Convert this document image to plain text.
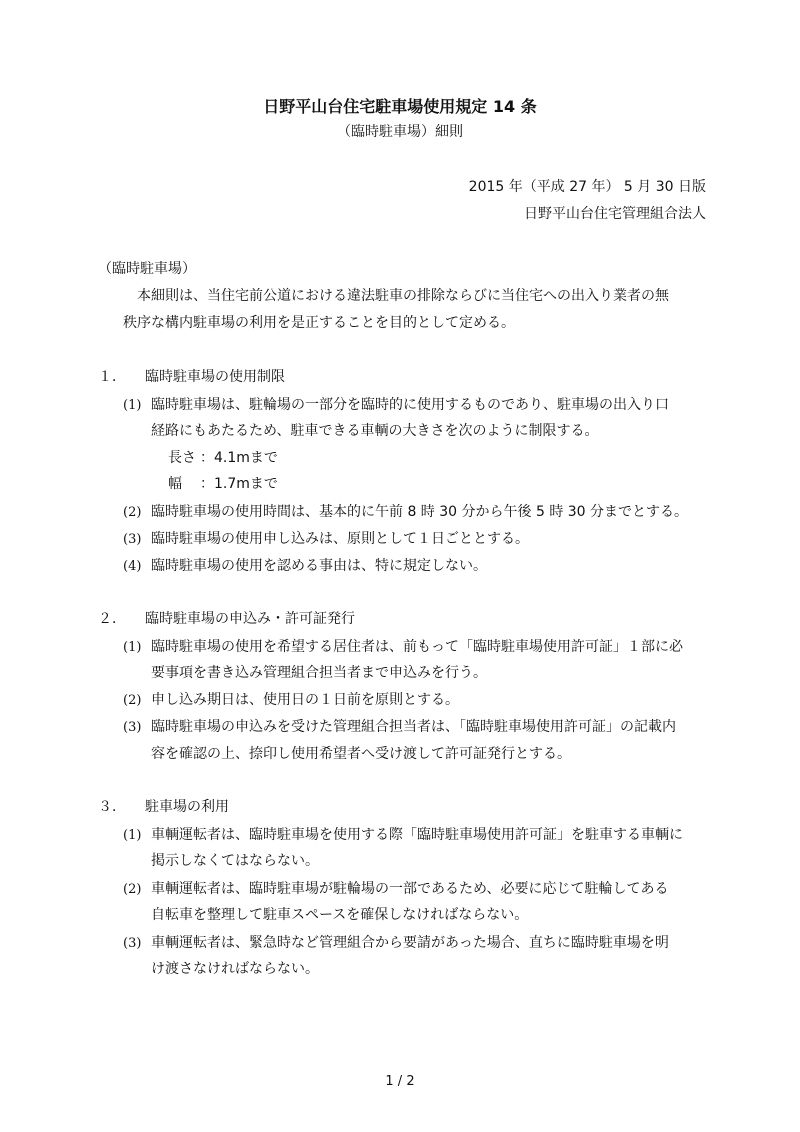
日野平山台住宅駐車場使用規定 14 条
（臨時駐車場）細則
2015 年（平成 27 年） 5 月 30 日版
日野平山台住宅管理組合法人
（臨時駐車場）
本細則は、当住宅前公道における違法駐車の排除ならびに当住宅への出入り業者の無
秩序な構内駐車場の利用を是正することを目的として定める。
１． 臨時駐車場の使用制限
(1) 臨時駐車場は、駐輪場の一部分を臨時的に使用するものであり、駐車場の出入り口
経路にもあたるため、駐車できる車輌の大きさを次のように制限する。
長さ ：4.1mまで
幅 ：1.7mまで
(2) 臨時駐車場の使用時間は、基本的に午前 8 時 30 分から午後 5 時 30 分までとする。
(3) 臨時駐車場の使用申し込みは、原則として１日ごととする。
(4) 臨時駐車場の使用を認める事由は、特に規定しない。
２． 臨時駐車場の申込み・許可証発行
(1) 臨時駐車場の使用を希望する居住者は、前もって「臨時駐車場使用許可証」１部に必
要事項を書き込み管理組合担当者まで申込みを行う。
(2) 申し込み期日は、使用日の１日前を原則とする。
(3) 臨時駐車場の申込みを受けた管理組合担当者は、「臨時駐車場使用許可証」の記載内
容を確認の上、捺印し使用希望者へ受け渡して許可証発行とする。
３． 駐車場の利用
(1) 車輌運転者は、臨時駐車場を使用する際「臨時駐車場使用許可証」を駐車する車輌に
掲示しなくてはならない。
(2) 車輌運転者は、臨時駐車場が駐輪場の一部であるため、必要に応じて駐輪してある
自転車を整理して駐車スペースを確保しなければならない。
(3) 車輌運転者は、緊急時など管理組合から要請があった場合、直ちに臨時駐車場を明
け渡さなければならない。
1 / 2
